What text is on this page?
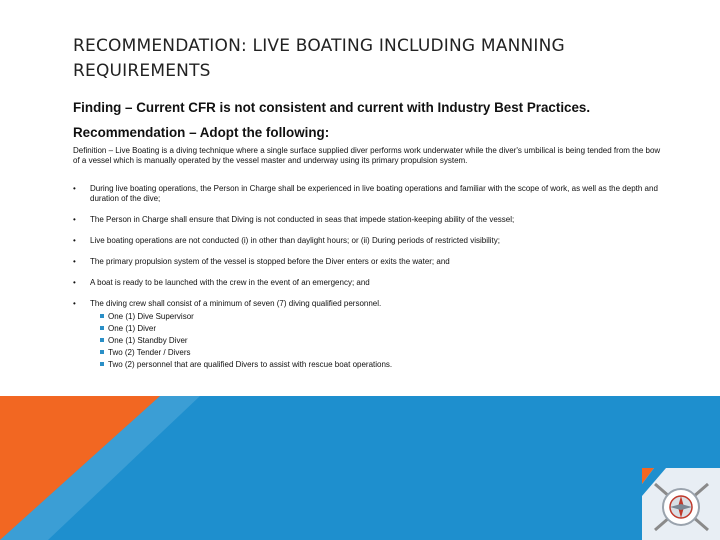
RECOMMENDATION: LIVE BOATING INCLUDING MANNING REQUIREMENTS

Finding – Current CFR is not consistent and current with Industry Best Practices.

Recommendation – Adopt the following:

Definition – Live Boating is a diving technique where a single surface supplied diver performs work underwater while the diver's umbilical is being tended from the bow of a vessel which is manually operated by the vessel master and underway using its primary propulsion system.

• During live boating operations, the Person in Charge shall be experienced in live boating operations and familiar with the scope of work, as well as the depth and duration of the dive;
• The Person in Charge shall ensure that Diving is not conducted in seas that impede station-keeping ability of the vessel;
• Live boating operations are not conducted (i) in other than daylight hours; or (ii) During periods of restricted visibility;
• The primary propulsion system of the vessel is stopped before the Diver enters or exits the water; and
• A boat is ready to be launched with the crew in the event of an emergency; and
• The diving crew shall consist of a minimum of seven (7) diving qualified personnel.
One (1) Dive Supervisor
One (1) Diver
One (1) Standby Diver
Two (2) Tender / Divers
Two (2) personnel that are qualified Divers to assist with rescue boat operations.
